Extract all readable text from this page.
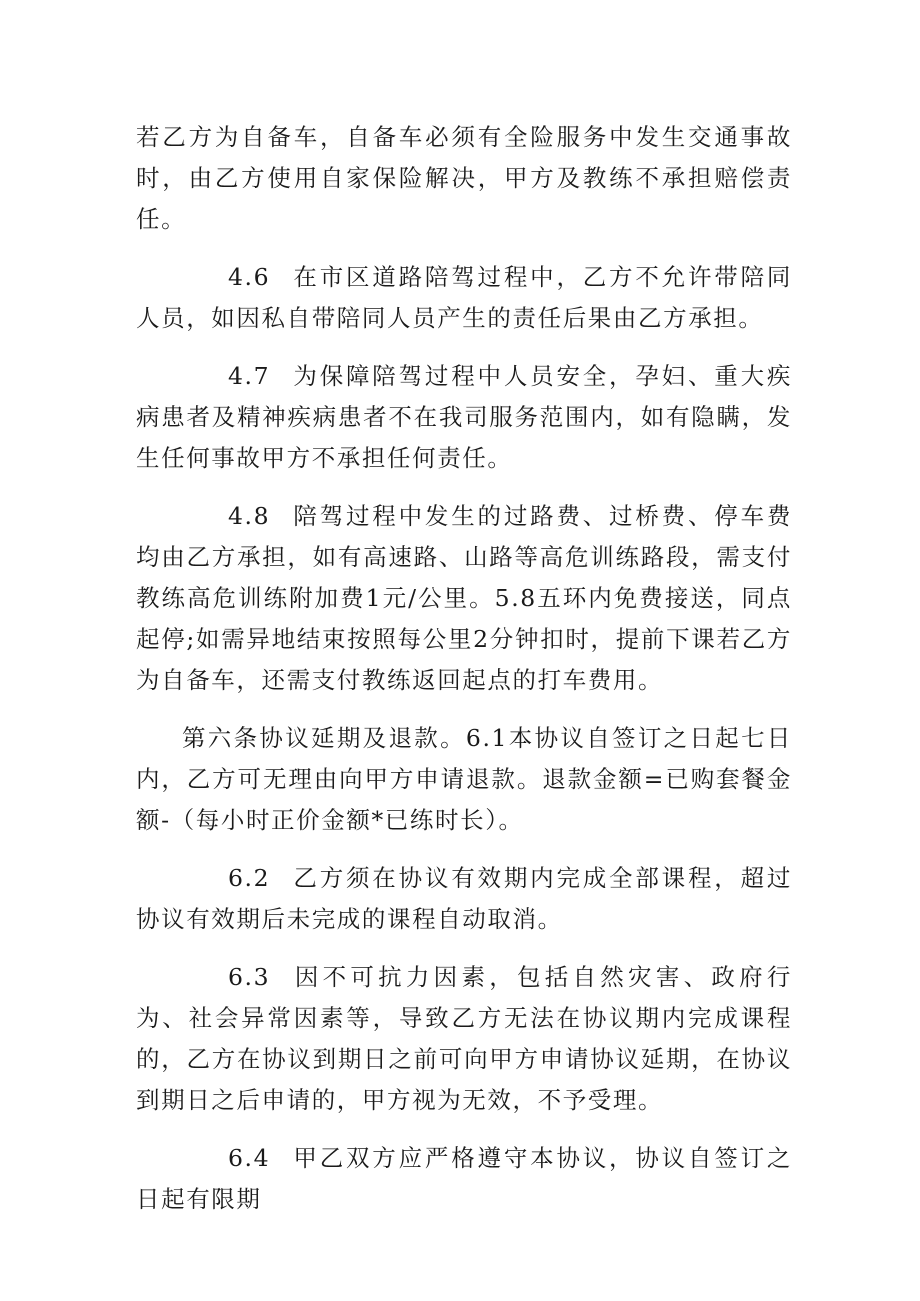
若乙方为自备车，自备车必须有全险服务中发生交通事故时，由乙方使用自家保险解决，甲方及教练不承担赔偿责任。

4.6 在市区道路陪驾过程中，乙方不允许带陪同人员，如因私自带陪同人员产生的责任后果由乙方承担。

4.7 为保障陪驾过程中人员安全，孕妇、重大疾病患者及精神疾病患者不在我司服务范围内，如有隐瞒，发生任何事故甲方不承担任何责任。

4.8 陪驾过程中发生的过路费、过桥费、停车费均由乙方承担，如有高速路、山路等高危训练路段，需支付教练高危训练附加费1元/公里。5.8五环内免费接送，同点起停;如需异地结束按照每公里2分钟扣时，提前下课若乙方为自备车，还需支付教练返回起点的打车费用。

第六条协议延期及退款。6.1本协议自签订之日起七日内，乙方可无理由向甲方申请退款。退款金额=已购套餐金额-（每小时正价金额*已练时长）。

6.2 乙方须在协议有效期内完成全部课程，超过协议有效期后未完成的课程自动取消。

6.3 因不可抗力因素，包括自然灾害、政府行为、社会异常因素等，导致乙方无法在协议期内完成课程的，乙方在协议到期日之前可向甲方申请协议延期，在协议到期日之后申请的，甲方视为无效，不予受理。

6.4 甲乙双方应严格遵守本协议，协议自签订之日起有限期
